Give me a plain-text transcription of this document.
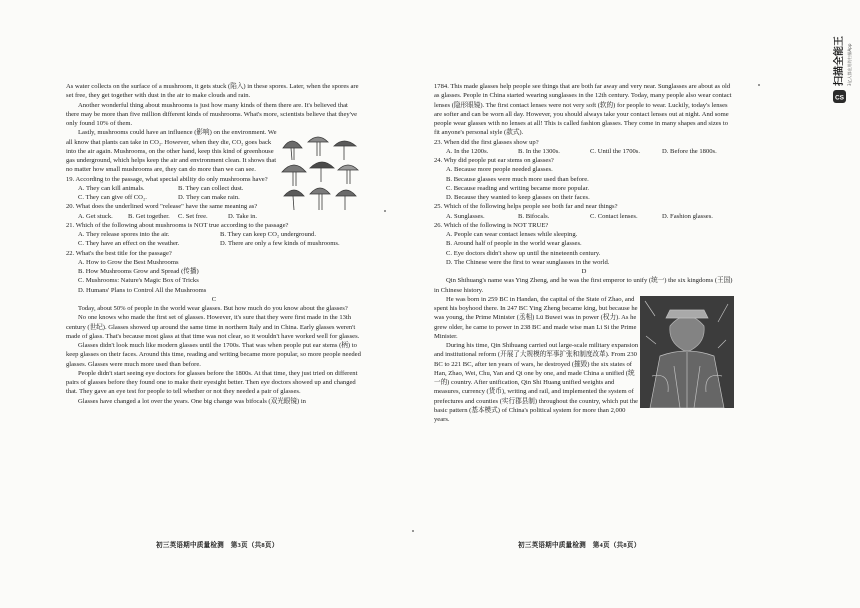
CS
扫描全能王 3亿人都在用的扫描App

As water collects on the surface of a mushroom, it gets stuck (陷入) in these spores. Later, when the spores are set free, they get together with dust in the air to make clouds and rain.

Another wonderful thing about mushrooms is just how many kinds of them there are. It's believed that there may be more than five million different kinds of mushrooms. What's more, scientists believe that they've only found 10% of them.

Lastly, mushrooms could have an influence (影响) on the environment. We all know that plants can take in CO₂. However, when they die, CO₂ goes back into the air again. Mushrooms, on the other hand, keep this kind of greenhouse gas underground, which helps keep the air and environment clean. It shows that no matter how small mushrooms are, they can do more than we can see.

19. According to the passage, what special ability do only mushrooms have?
A. They can kill animals.	B. They can collect dust.
C. They can give off CO₂.	D. They can make rain.
20. What does the underlined word "release" have the same meaning as?
A. Get stuck.	B. Get together.	C. Set free.	D. Take in.
21. Which of the following about mushrooms is NOT true according to the passage?
A. They release spores into the air.	B. They can keep CO₂ underground.
C. They have an effect on the weather.	D. There are only a few kinds of mushrooms.
22. What's the best title for the passage?
A. How to Grow the Best Mushrooms
B. How Mushrooms Grow and Spread (传播)
C. Mushrooms: Nature's Magic Box of Tricks
D. Humans' Plans to Control All the Mushrooms
C

Today, about 50% of people in the world wear glasses. But how much do you know about the glasses?

No one knows who made the first set of glasses. However, it's sure that they were first made in the 13th century (世纪). Glasses showed up around the same time in northern Italy and in China. Early glasses weren't made of glass. That's because most glass at that time was not clear, so it wouldn't have worked well for glasses.

Glasses didn't look much like modern glasses until the 1700s. That was when people put ear stems (柄) to keep glasses on their faces. Around this time, reading and writing became more popular, so more people needed glasses. Glasses were much more used than before.

People didn't start seeing eye doctors for glasses before the 1800s. At that time, they just tried on different pairs of glasses before they found one to make their eyesight better. Then eye doctors showed up and changed that. They gave an eye test for people to tell whether or not they needed a pair of glasses.

Glasses have changed a lot over the years. One big change was bifocals (双光眼镜) in

1784. This made glasses help people see things that are both far away and very near. Sunglasses are about as old as glasses. People in China started wearing sunglasses in the 12th century. Today, many people also wear contact lenses (隐形眼镜). The first contact lenses were not very soft (软的) for people to wear. Luckily, today's lenses are softer and can be worn all day. However, you should always take your contact lenses out at night. And some people wear glasses with no lenses at all! This is called fashion glasses. They come in many shapes and sizes to fit anyone's personal style (款式).

23. When did the first glasses show up?
A. In the 1200s.	B. In the 1300s.	C. Until the 1700s.	D. Before the 1800s.
24. Why did people put ear stems on glasses?
A. Because more people needed glasses.
B. Because glasses were much more used than before.
C. Because reading and writing became more popular.
D. Because they wanted to keep glasses on their faces.
25. Which of the following helps people see both far and near things?
A. Sunglasses.	B. Bifocals.	C. Contact lenses.	D. Fashion glasses.
26. Which of the following is NOT TRUE?
A. People can wear contact lenses while sleeping.
B. Around half of people in the world wear glasses.
C. Eye doctors didn't show up until the nineteenth century.
D. The Chinese were the first to wear sunglasses in the world.
D

Qin Shihuang's name was Ying Zheng, and he was the first emperor to unify (统一) the six kingdoms (王国) in Chinese history.

He was born in 259 BC in Handan, the capital of the State of Zhao, and spent his boyhood there. In 247 BC Ying Zheng became king, but because he was young, the Prime Minister (丞相) Lü Buwei was in power (权力). As he grew older, he came to power in 238 BC and made wise man Li Si the Prime Minister.

During his time, Qin Shihuang carried out large-scale military expansion and institutional reform (开展了大规模的军事扩张和制度改革). From 230 BC to 221 BC, after ten years of wars, he destroyed (摧毁) the six states of Han, Zhao, Wei, Chu, Yan and Qi one by one, and made China a unified (统一的) country. After unification, Qin Shi Huang unified weights and measures, currency (货币), writing and rail, and implemented the system of prefectures and counties (实行郡县制) throughout the country, which put the basic pattern (基本模式) of China's political system for more than 2,000 years.

初三英语期中质量检测　第3页（共8页）	初三英语期中质量检测　第4页（共8页）
